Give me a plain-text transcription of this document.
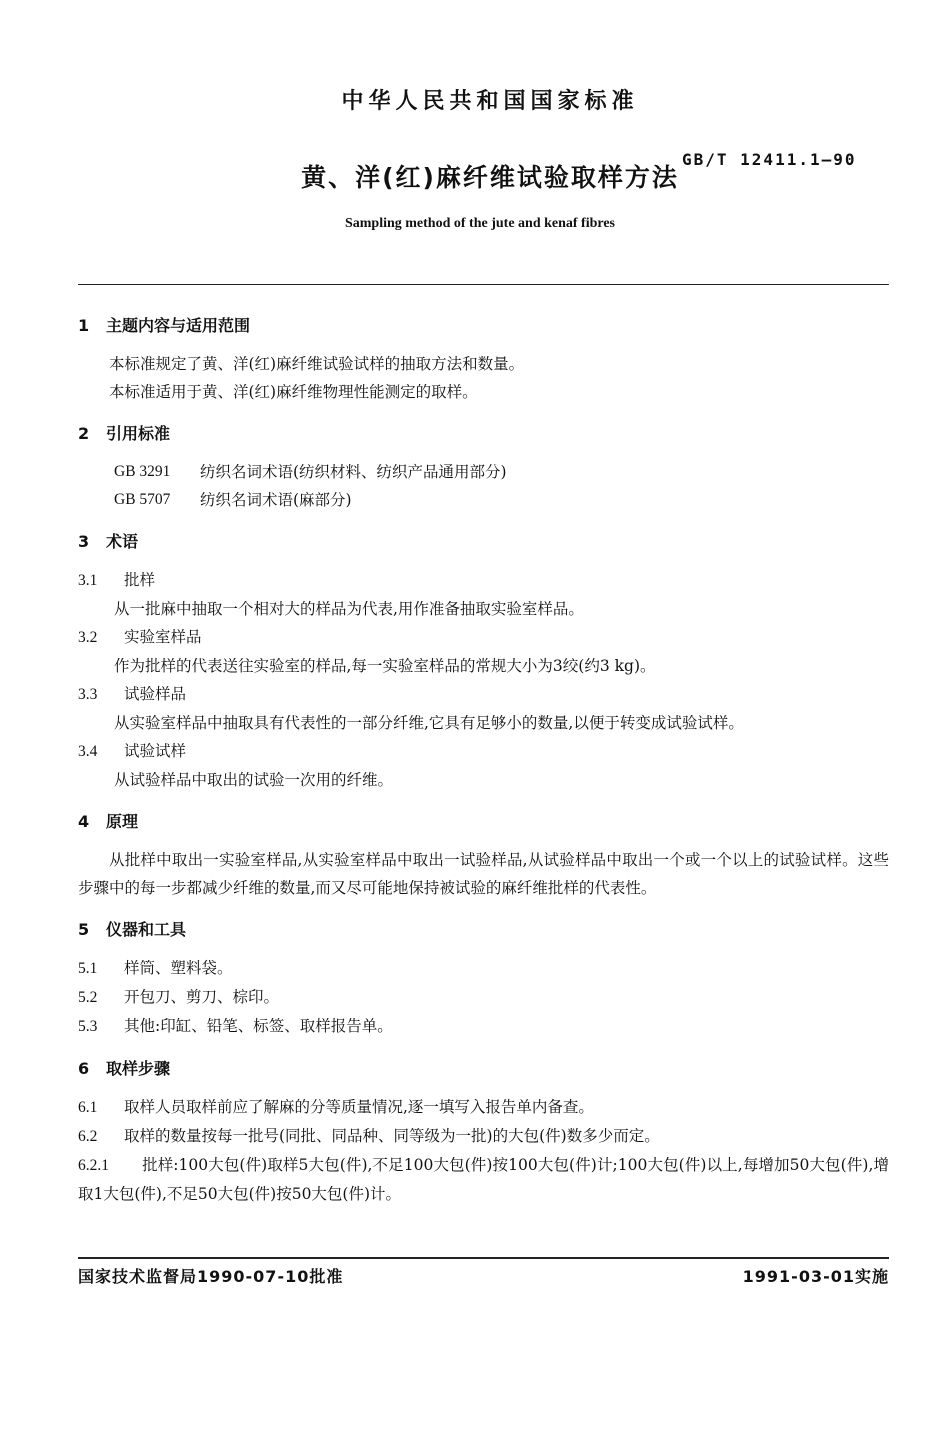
中华人民共和国国家标准
黄、洋(红)麻纤维试验取样方法
GB/T 12411.1—90
Sampling method of the jute and kenaf fibres

1 主题内容与适用范围

本标准规定了黄、洋(红)麻纤维试验试样的抽取方法和数量。

本标准适用于黄、洋(红)麻纤维物理性能测定的取样。

2 引用标准

GB 3291	纺织名词术语(纺织材料、纺织产品通用部分)
GB 5707	纺织名词术语(麻部分)

3 术语

3.1 批样

从一批麻中抽取一个相对大的样品为代表,用作准备抽取实验室样品。

3.2 实验室样品

作为批样的代表送往实验室的样品,每一实验室样品的常规大小为3绞(约3 kg)。

3.3 试验样品

从实验室样品中抽取具有代表性的一部分纤维,它具有足够小的数量,以便于转变成试验试样。

3.4 试验试样

从试验样品中取出的试验一次用的纤维。

4 原理

从批样中取出一实验室样品,从实验室样品中取出一试验样品,从试验样品中取出一个或一个以上的试验试样。这些步骤中的每一步都减少纤维的数量,而又尽可能地保持被试验的麻纤维批样的代表性。

5 仪器和工具

5.1 样筒、塑料袋。

5.2 开包刀、剪刀、棕印。

5.3 其他:印缸、铅笔、标签、取样报告单。

6 取样步骤

6.1 取样人员取样前应了解麻的分等质量情况,逐一填写入报告单内备查。

6.2 取样的数量按每一批号(同批、同品种、同等级为一批)的大包(件)数多少而定。

6.2.1 批样:100大包(件)取样5大包(件),不足100大包(件)按100大包(件)计;100大包(件)以上,每增加50大包(件),增取1大包(件),不足50大包(件)按50大包(件)计。

国家技术监督局1990-07-10批准	1991-03-01实施
